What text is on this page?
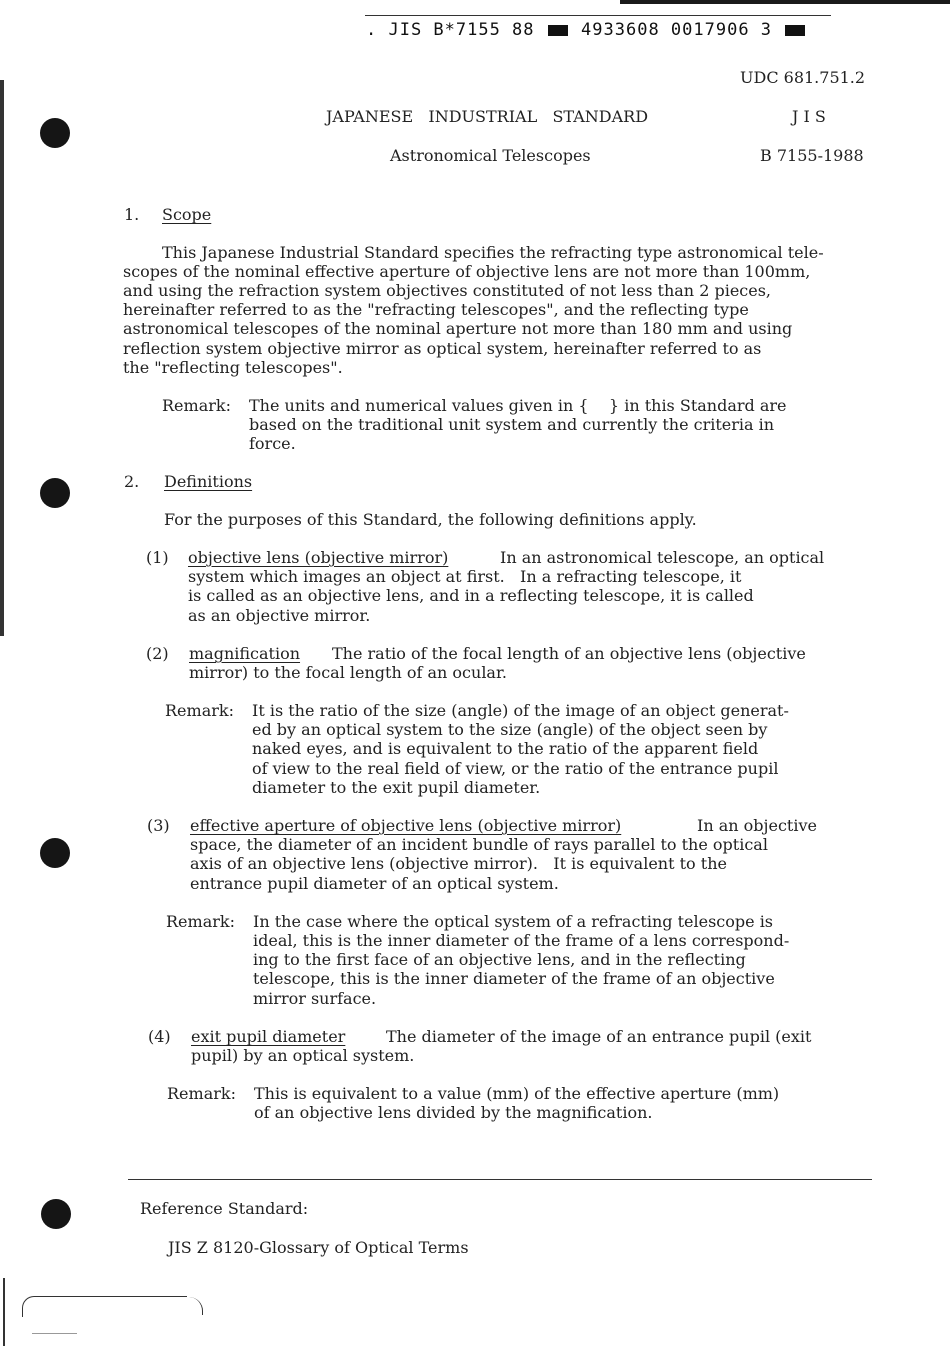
. JIS B*7155 88	4933608 0017906 3
UDC 681.751.2
JAPANESE   INDUSTRIAL   STANDARD	J I S
Astronomical Telescopes	B 7155-1988
1. Scope
This Japanese Industrial Standard specifies the refracting type astronomical tele-
scopes of the nominal effective aperture of objective lens are not more than 100mm,
and using the refraction system objectives constituted of not less than 2 pieces,
hereinafter referred to as the "refracting telescopes", and the reflecting type
astronomical telescopes of the nominal aperture not more than 180 mm and using
reflection system objective mirror as optical system, hereinafter referred to as
the "reflecting telescopes".
Remark: The units and numerical values given in {    } in this Standard are
based on the traditional unit system and currently the criteria in
force.
2. Definitions
For the purposes of this Standard, the following definitions apply.
(1) objective lens (objective mirror)	In an astronomical telescope, an optical
system which images an object at first.   In a refracting telescope, it
is called as an objective lens, and in a reflecting telescope, it is called
as an objective mirror.
(2) magnification The ratio of the focal length of an objective lens (objective
mirror) to the focal length of an ocular.
Remark: It is the ratio of the size (angle) of the image of an object generat-
ed by an optical system to the size (angle) of the object seen by
naked eyes, and is equivalent to the ratio of the apparent field
of view to the real field of view, or the ratio of the entrance pupil
diameter to the exit pupil diameter.
(3) effective aperture of objective lens (objective mirror)	In an objective
space, the diameter of an incident bundle of rays parallel to the optical
axis of an objective lens (objective mirror).   It is equivalent to the
entrance pupil diameter of an optical system.
Remark: In the case where the optical system of a refracting telescope is
ideal, this is the inner diameter of the frame of a lens correspond-
ing to the first face of an objective lens, and in the reflecting
telescope, this is the inner diameter of the frame of an objective
mirror surface.
(4) exit pupil diameter	The diameter of the image of an entrance pupil (exit
pupil) by an optical system.
Remark: This is equivalent to a value (mm) of the effective aperture (mm)
of an objective lens divided by the magnification.
Reference Standard:
JIS Z 8120-Glossary of Optical Terms
